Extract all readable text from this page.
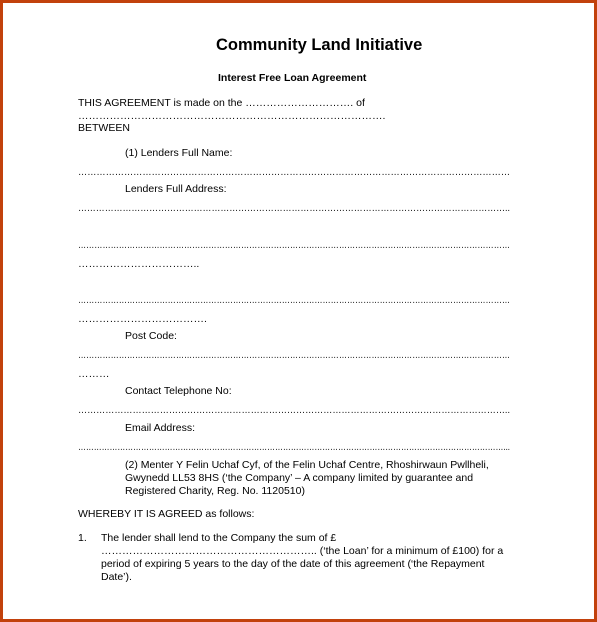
Community Land Initiative
Interest Free Loan Agreement
THIS AGREEMENT is made on the …………………………. of
…………………………………………………………………………….
BETWEEN
(1) Lenders Full Name:
……………………………………………………………………………………………………………………………
Lenders Full Address:
………………………………………………………………………………………………………………………………..
……………………………………………………………………………………………………………………………………………
……………………………..
……………………………………………………………………………………………………………………………………………
……………………………….
Post Code:
……………………………………………………………………………………………………………………………………………
………
Contact Telephone No:
……………………………………………………………………………………………………………………………..
Email Address:
………………………………………………………………………………………………………………………………………………...
(2) Menter Y Felin Uchaf Cyf, of the Felin Uchaf Centre, Rhoshirwaun Pwllheli,
Gwynedd LL53 8HS (‘the Company’ – A company limited by guarantee and
Registered Charity, Reg. No. 1120510)
WHEREBY IT IS AGREED as follows:
1. The lender shall lend to the Company the sum of £
…………………………………………………….. (‘the Loan’ for a minimum of £100) for a
period of expiring 5 years to the day of the date of this agreement (‘the Repayment
Date’).
